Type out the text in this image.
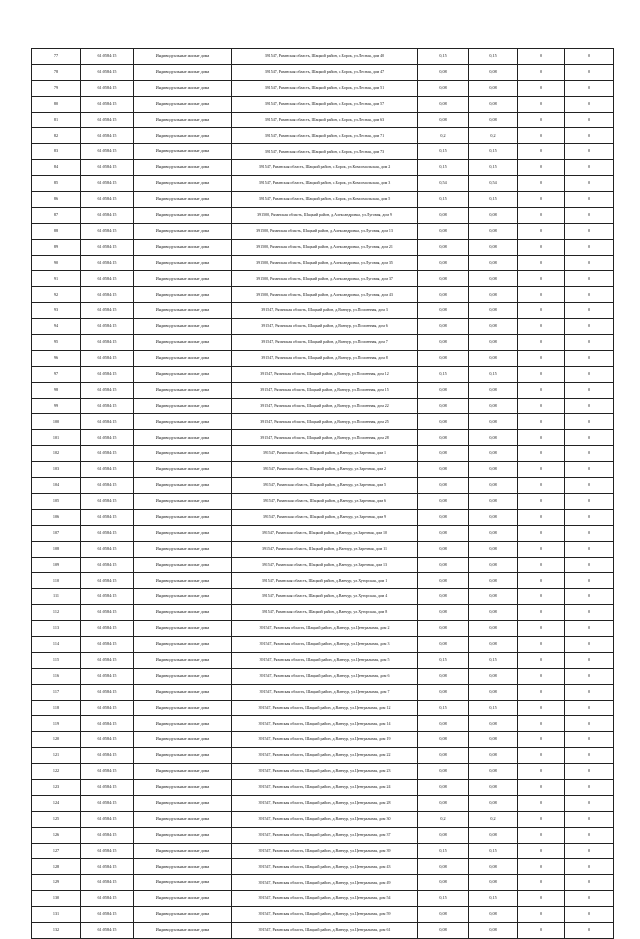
77	61:0584:15	Индивидуальные жилые дома	391547, Рязанская область, Шацкий район, с.Борок, ул.Лесная, дом 40	0,15	0,15	0	0
78	61:0584:15	Индивидуальные жилые дома	391547, Рязанская область, Шацкий район, с.Борок, ул.Лесная, дом 47	0,08	0,08	0	0
79	61:0584:15	Индивидуальные жилые дома	391547, Рязанская область, Шацкий район, с.Борок, ул.Лесная, дом 51	0,08	0,08	0	0
80	61:0584:15	Индивидуальные жилые дома	391547, Рязанская область, Шацкий район, с.Борок, ул.Лесная, дом 57	0,08	0,08	0	0
81	61:0584:15	Индивидуальные жилые дома	391547, Рязанская область, Шацкий район, с.Борок, ул.Лесная, дом 63	0,08	0,08	0	0
82	61:0584:15	Индивидуальные жилые дома	391547, Рязанская область, Шацкий район, с.Борок, ул.Лесная, дом 71	0,2	0,2	0	0
83	61:0584:15	Индивидуальные жилые дома	391547, Рязанская область, Шацкий район, с.Борок, ул.Лесная, дом 73	0,15	0,15	0	0
84	61:0584:15	Индивидуальные жилые дома	391547, Рязанская область, Шацкий район, с.Борок, ул.Комсомольская, дом 2	0,15	0,15	0	0
85	61:0584:15	Индивидуальные жилые дома	391547, Рязанская область, Шацкий район, с.Борок, ул.Комсомольская, дом 3	0,54	0,54	0	0
86	61:0584:15	Индивидуальные жилые дома	391547, Рязанская область, Шацкий район, с.Борок, ул.Комсомольская, дом 5	0,15	0,15	0	0
87	61:0584:15	Индивидуальные жилые дома	391500, Рязанская область, Шацкий район, д.Александровка, ул.Луговая, дом 9	0,08	0,08	0	0
88	61:0584:15	Индивидуальные жилые дома	391500, Рязанская область, Шацкий район, д.Александровка, ул.Луговая, дом 13	0,08	0,08	0	0
89	61:0584:15	Индивидуальные жилые дома	391500, Рязанская область, Шацкий район, д.Александровка, ул.Луговая, дом 21	0,08	0,08	0	0
90	61:0584:15	Индивидуальные жилые дома	391500, Рязанская область, Шацкий район, д.Александровка, ул.Луговая, дом 35	0,08	0,08	0	0
91	61:0584:15	Индивидуальные жилые дома	391500, Рязанская область, Шацкий район, д.Александровка, ул.Луговая, дом 37	0,08	0,08	0	0
92	61:0584:15	Индивидуальные жилые дома	391500, Рязанская область, Шацкий район, д.Александровка, ул.Луговая, дом 43	0,08	0,08	0	0
93	61:0584:15	Индивидуальные жилые дома	391547, Рязанская область, Шацкий район, д.Ванчур, ул.Посиенная, дом 3	0,08	0,08	0	0
94	61:0584:15	Индивидуальные жилые дома	391547, Рязанская область, Шацкий район, д.Ванчур, ул.Посиенная, дом 6	0,08	0,08	0	0
95	61:0584:15	Индивидуальные жилые дома	391547, Рязанская область, Шацкий район, д.Ванчур, ул.Посиенная, дом 7	0,08	0,08	0	0
96	61:0584:15	Индивидуальные жилые дома	391547, Рязанская область, Шацкий район, д.Ванчур, ул.Посиенная, дом 8	0,08	0,08	0	0
97	61:0584:15	Индивидуальные жилые дома	391547, Рязанская область, Шацкий район, д.Ванчур, ул.Посиенная, дом 12	0,15	0,15	0	0
98	61:0584:15	Индивидуальные жилые дома	391547, Рязанская область, Шацкий район, д.Ванчур, ул.Посиенная, дом 15	0,08	0,08	0	0
99	61:0584:15	Индивидуальные жилые дома	391547, Рязанская область, Шацкий район, д.Ванчур, ул.Посиенная, дом 22	0,08	0,08	0	0
100	61:0584:15	Индивидуальные жилые дома	391547, Рязанская область, Шацкий район, д.Ванчур, ул.Посиенная, дом 25	0,08	0,08	0	0
101	61:0584:15	Индивидуальные жилые дома	391547, Рязанская область, Шацкий район, д.Ванчур, ул.Посиенная, дом 28	0,08	0,08	0	0
102	61:0584:15	Индивидуальные жилые дома	391547, Рязанская область, Шацкий район, д.Ванчур, ул.Заречная, дом 1	0,08	0,08	0	0
103	61:0584:15	Индивидуальные жилые дома	391547, Рязанская область, Шацкий район, д.Ванчур, ул.Заречная, дом 2	0,08	0,08	0	0
104	61:0584:15	Индивидуальные жилые дома	391547, Рязанская область, Шацкий район, д.Ванчур, ул.Заречная, дом 5	0,08	0,08	0	0
105	61:0584:15	Индивидуальные жилые дома	391547, Рязанская область, Шацкий район, д.Ванчур, ул.Заречная, дом 6	0,08	0,08	0	0
106	61:0584:15	Индивидуальные жилые дома	391547, Рязанская область, Шацкий район, д.Ванчур, ул.Заречная, дом 9	0,08	0,08	0	0
107	61:0584:15	Индивидуальные жилые дома	391547, Рязанская область, Шацкий район, д.Ванчур, ул.Заречная, дом 10	0,08	0,08	0	0
108	61:0584:15	Индивидуальные жилые дома	391547, Рязанская область, Шацкий район, д.Ванчур, ул.Заречная, дом 11	0,08	0,08	0	0
109	61:0584:15	Индивидуальные жилые дома	391547, Рязанская область, Шацкий район, д.Ванчур, ул.Заречная, дом 13	0,08	0,08	0	0
110	61:0584:15	Индивидуальные жилые дома	391547, Рязанская область, Шацкий район, д.Ванчур, ул.Хуторская, дом 1	0,08	0,08	0	0
111	61:0584:15	Индивидуальные жилые дома	391547, Рязанская область, Шацкий район, д.Ванчур, ул.Хуторская, дом 4	0,08	0,08	0	0
112	61:0584:15	Индивидуальные жилые дома	391547, Рязанская область, Шацкий район, д.Ванчур, ул.Хуторская, дом 8	0,08	0,08	0	0
113	61:0584:15	Индивидуальные жилые дома	391547, Рязанская область, Шацкий район, д.Ванчур, ул.Центральная, дом 2	0,08	0,08	0	0
114	61:0584:15	Индивидуальные жилые дома	391547, Рязанская область, Шацкий район, д.Ванчур, ул.Центральная, дом 3	0,08	0,08	0	0
115	61:0584:15	Индивидуальные жилые дома	391547, Рязанская область, Шацкий район, д.Ванчур, ул.Центральная, дом 5	0,15	0,15	0	0
116	61:0584:15	Индивидуальные жилые дома	391547, Рязанская область, Шацкий район, д.Ванчур, ул.Центральная, дом 6	0,08	0,08	0	0
117	61:0584:15	Индивидуальные жилые дома	391547, Рязанская область, Шацкий район, д.Ванчур, ул.Центральная, дом 7	0,08	0,08	0	0
118	61:0584:15	Индивидуальные жилые дома	391547, Рязанская область, Шацкий район, д.Ванчур, ул.Центральная, дом 12	0,15	0,15	0	0
119	61:0584:15	Индивидуальные жилые дома	391547, Рязанская область, Шацкий район, д.Ванчур, ул.Центральная, дом 14	0,08	0,08	0	0
120	61:0584:15	Индивидуальные жилые дома	391547, Рязанская область, Шацкий район, д.Ванчур, ул.Центральная, дом 19	0,08	0,08	0	0
121	61:0584:15	Индивидуальные жилые дома	391547, Рязанская область, Шацкий район, д.Ванчур, ул.Центральная, дом 22	0,08	0,08	0	0
122	61:0584:15	Индивидуальные жилые дома	391547, Рязанская область, Шацкий район, д.Ванчур, ул.Центральная, дом 23	0,08	0,08	0	0
123	61:0584:15	Индивидуальные жилые дома	391547, Рязанская область, Шацкий район, д.Ванчур, ул.Центральная, дом 24	0,08	0,08	0	0
124	61:0584:15	Индивидуальные жилые дома	391547, Рязанская область, Шацкий район, д.Ванчур, ул.Центральная, дом 28	0,08	0,08	0	0
125	61:0584:15	Индивидуальные жилые дома	391547, Рязанская область, Шацкий район, д.Ванчур, ул.Центральная, дом 30	0,2	0,2	0	0
126	61:0584:15	Индивидуальные жилые дома	391547, Рязанская область, Шацкий район, д.Ванчур, ул.Центральная, дом 37	0,08	0,08	0	0
127	61:0584:15	Индивидуальные жилые дома	391547, Рязанская область, Шацкий район, д.Ванчур, ул.Центральная, дом 39	0,15	0,15	0	0
128	61:0584:15	Индивидуальные жилые дома	391547, Рязанская область, Шацкий район, д.Ванчур, ул.Центральная, дом 43	0,08	0,08	0	0
129	61:0584:15	Индивидуальные жилые дома	391547, Рязанская область, Шацкий район, д.Ванчур, ул.Центральная, дом 49	0,08	0,08	0	0
130	61:0584:15	Индивидуальные жилые дома	391547, Рязанская область, Шацкий район, д.Ванчур, ул.Центральная, дом 54	0,15	0,15	0	0
131	61:0584:15	Индивидуальные жилые дома	391547, Рязанская область, Шацкий район, д.Ванчур, ул.Центральная, дом 59	0,08	0,08	0	0
132	61:0584:15	Индивидуальные жилые дома	391547, Рязанская область, Шацкий район, д.Ванчур, ул.Центральная, дом 61	0,08	0,08	0	0
